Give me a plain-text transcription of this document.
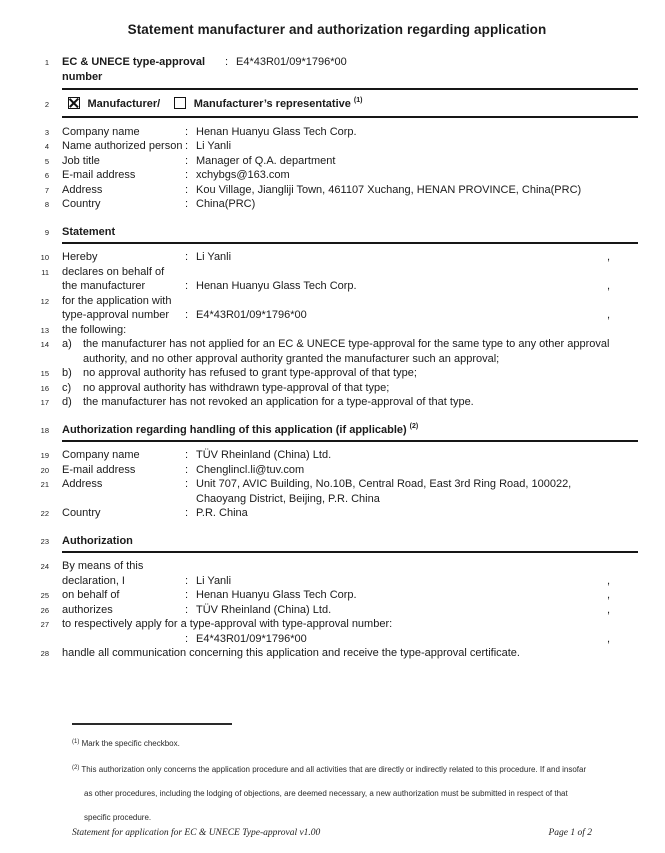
Statement manufacturer and authorization regarding application
1 EC & UNECE type-approval number
: E4*43R01/09*1796*00
2	Manufacturer/	Manufacturer’s representative $^{(1)}$
3 Company name	: Henan Huanyu Glass Tech Corp.
4 Name authorized person : Li Yanli
5 Job title	: Manager of Q.A. department
6 E-mail address	: xchybgs@163.com
7 Address	: Kou Village, Jiangliji Town, 461107 Xuchang, HENAN PROVINCE, China(PRC)
8 Country	: China(PRC)
9 Statement
10 Hereby	: Li Yanli	,
11 declares on behalf of
the manufacturer	: Henan Huanyu Glass Tech Corp.	,
12 for the application with
type-approval number	: E4*43R01/09*1796*00	,
13 the following:
14 a)	the manufacturer has not applied for an EC & UNECE type-approval for the same type to any other approval authority, and no other approval authority granted the manufacturer such an approval;
15 b)	no approval authority has refused to grant type-approval of that type;
16 c)	no approval authority has withdrawn type-approval of that type;
17 d)	the manufacturer has not revoked an application for a type-approval of that type.
18 Authorization regarding handling of this application (if applicable) $^{(2)}$
19 Company name	: TÜV Rheinland (China) Ltd.
20 E-mail address	: Chenglincl.li@tuv.com
21 Address	: Unit 707, AVIC Building, No.10B, Central Road, East 3rd Ring Road, 100022,
Chaoyang District, Beijing, P.R. China
22 Country	: P.R. China
23 Authorization
24 By means of this
declaration, I	: Li Yanli	,
25 on behalf of	: Henan Huanyu Glass Tech Corp.	,
26 authorizes	: TÜV Rheinland (China) Ltd.	,
27 to respectively apply for a type-approval with type-approval number:
: E4*43R01/09*1796*00	,
28 handle all communication concerning this application and receive the type-approval certificate.

$^{(1)}$ Mark the specific checkbox.

$^{(2)}$ This authorization only concerns the application procedure and all activities that are directly or indirectly related to this procedure. If and insofar as other procedures, including the lodging of objections, are deemed necessary, a new authorization must be submitted in respect of that specific procedure.

Statement for application for EC & UNECE Type-approval v1.00	Page 1 of 2
